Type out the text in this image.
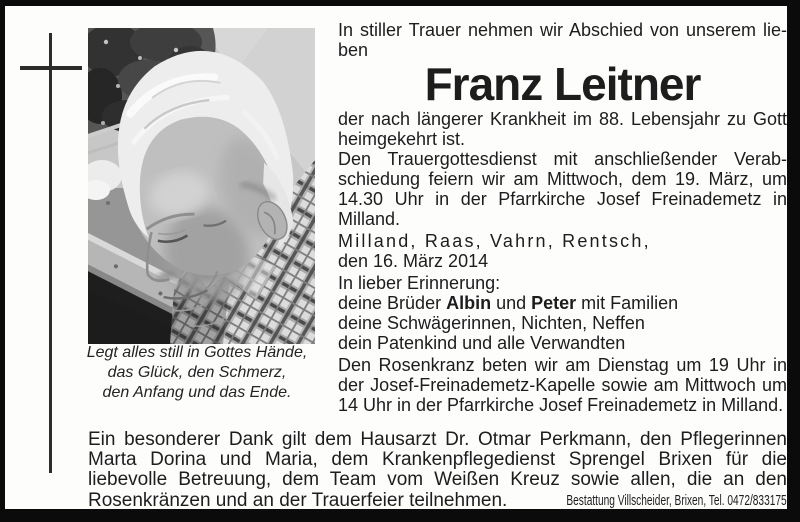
Legt alles still in Gottes Hände,
das Glück, den Schmerz,
den Anfang und das Ende.

In stiller Trauer nehmen wir Abschied von unserem lieben

Franz Leitner

der nach längerer Krankheit im 88. Lebensjahr zu Gott heimgekehrt ist.

Den Trauergottesdienst mit anschließender Verabschiedung feiern wir am Mittwoch, dem 19. März, um 14.30 Uhr in der Pfarrkirche Josef Freinademetz in Milland.

Milland, Raas, Vahrn, Rentsch,
den 16. März 2014
In lieber Erinnerung:
deine Brüder Albin und Peter mit Familien
deine Schwägerinnen, Nichten, Neffen
dein Patenkind und alle Verwandten

Den Rosenkranz beten wir am Dienstag um 19 Uhr in der Josef-Freinademetz-Kapelle sowie am Mittwoch um 14 Uhr in der Pfarrkirche Josef Freinademetz in Milland.

Ein besonderer Dank gilt dem Hausarzt Dr. Otmar Perkmann, den Pflegerinnen Marta Dorina und Maria, dem Krankenpflegedienst Sprengel Brixen für die liebevolle Betreuung, dem Team vom Weißen Kreuz sowie allen, die an den Rosenkränzen und an der Trauerfeier teilnehmen.	Bestattung Villscheider, Brixen, Tel. 0472/833175
